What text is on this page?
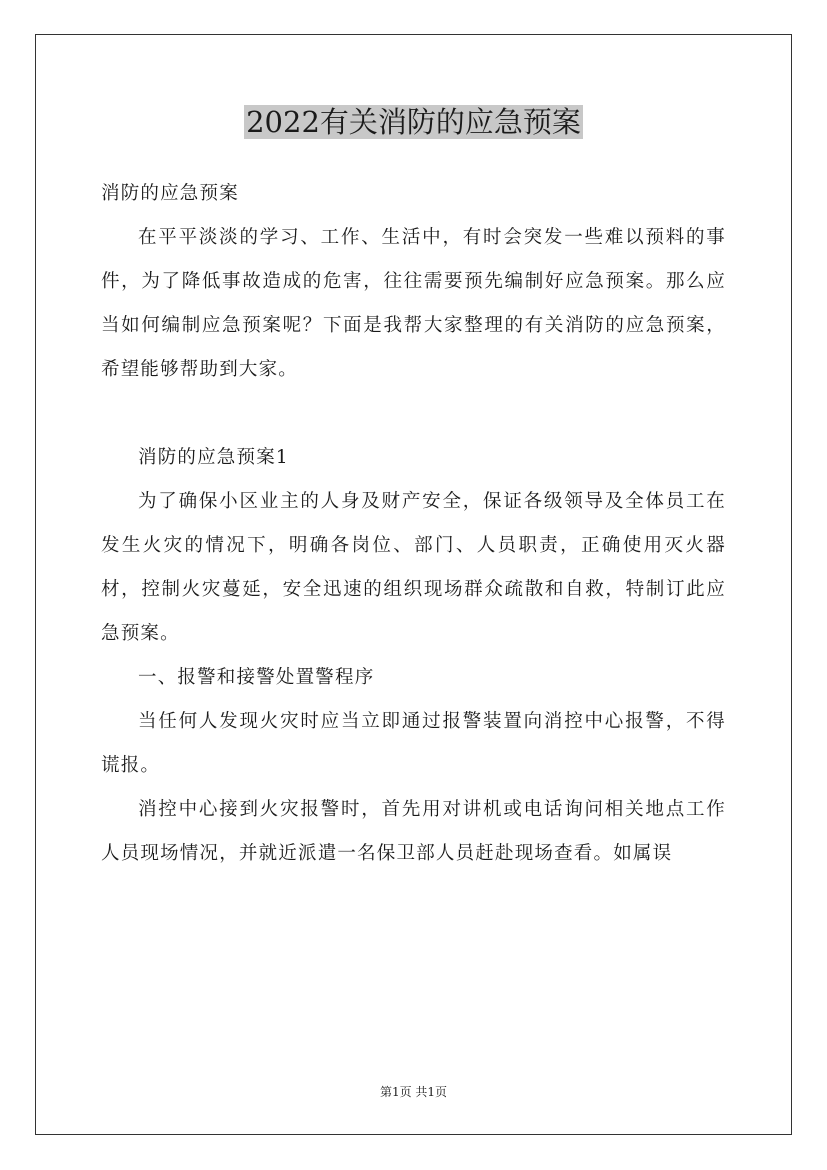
2022有关消防的应急预案

消防的应急预案

在平平淡淡的学习、工作、生活中，有时会突发一些难以预料的事件，为了降低事故造成的危害，往往需要预先编制好应急预案。那么应当如何编制应急预案呢？下面是我帮大家整理的有关消防的应急预案，希望能够帮助到大家。

消防的应急预案1

为了确保小区业主的人身及财产安全，保证各级领导及全体员工在发生火灾的情况下，明确各岗位、部门、人员职责，正确使用灭火器材，控制火灾蔓延，安全迅速的组织现场群众疏散和自救，特制订此应急预案。

一、报警和接警处置警程序

当任何人发现火灾时应当立即通过报警装置向消控中心报警，不得谎报。

消控中心接到火灾报警时，首先用对讲机或电话询问相关地点工作人员现场情况，并就近派遣一名保卫部人员赶赴现场查看。如属误

第1页 共1页
